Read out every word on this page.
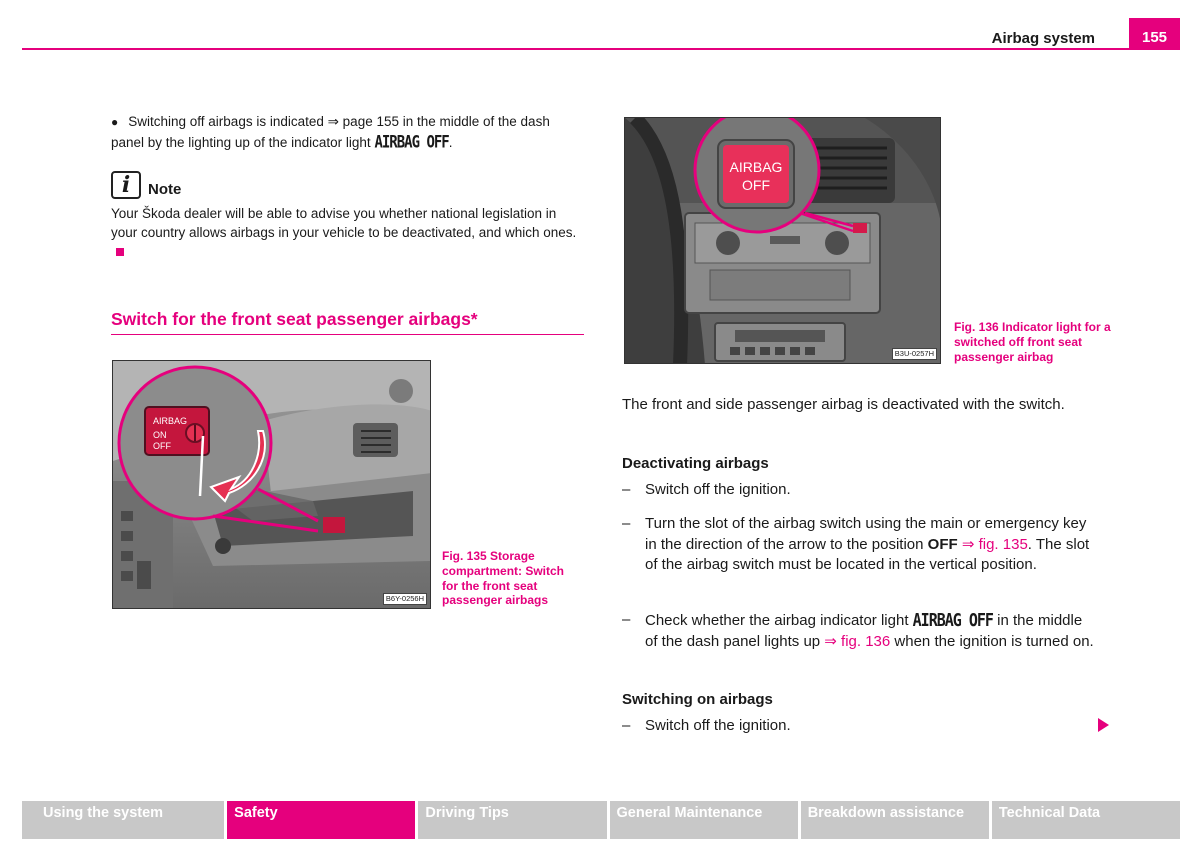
Airbag system	155
● Switching off airbags is indicated ⇒ page 155 in the middle of the dash panel by the lighting up of the indicator light AIRBAG OFF.
i	Note
Your Škoda dealer will be able to advise you whether national legislation in your country allows airbags in your vehicle to be deactivated, and which ones.
Switch for the front seat passenger airbags*
AIRBAG
ON
OFF
B6Y-0256H
Fig. 135 Storage compartment: Switch for the front seat passenger airbags
AIRBAG
OFF
B3U-0257H
Fig. 136 Indicator light for a switched off front seat passenger airbag
The front and side passenger airbag is deactivated with the switch.
Deactivating airbags
– Switch off the ignition.
– Turn the slot of the airbag switch using the main or emergency key in the direction of the arrow to the position OFF ⇒ fig. 135. The slot of the airbag switch must be located in the vertical position.
– Check whether the airbag indicator light AIRBAG OFF in the middle of the dash panel lights up ⇒ fig. 136 when the ignition is turned on.
Switching on airbags
– Switch off the ignition.
Using the system	Safety	Driving Tips	General Maintenance	Breakdown assistance	Technical Data
